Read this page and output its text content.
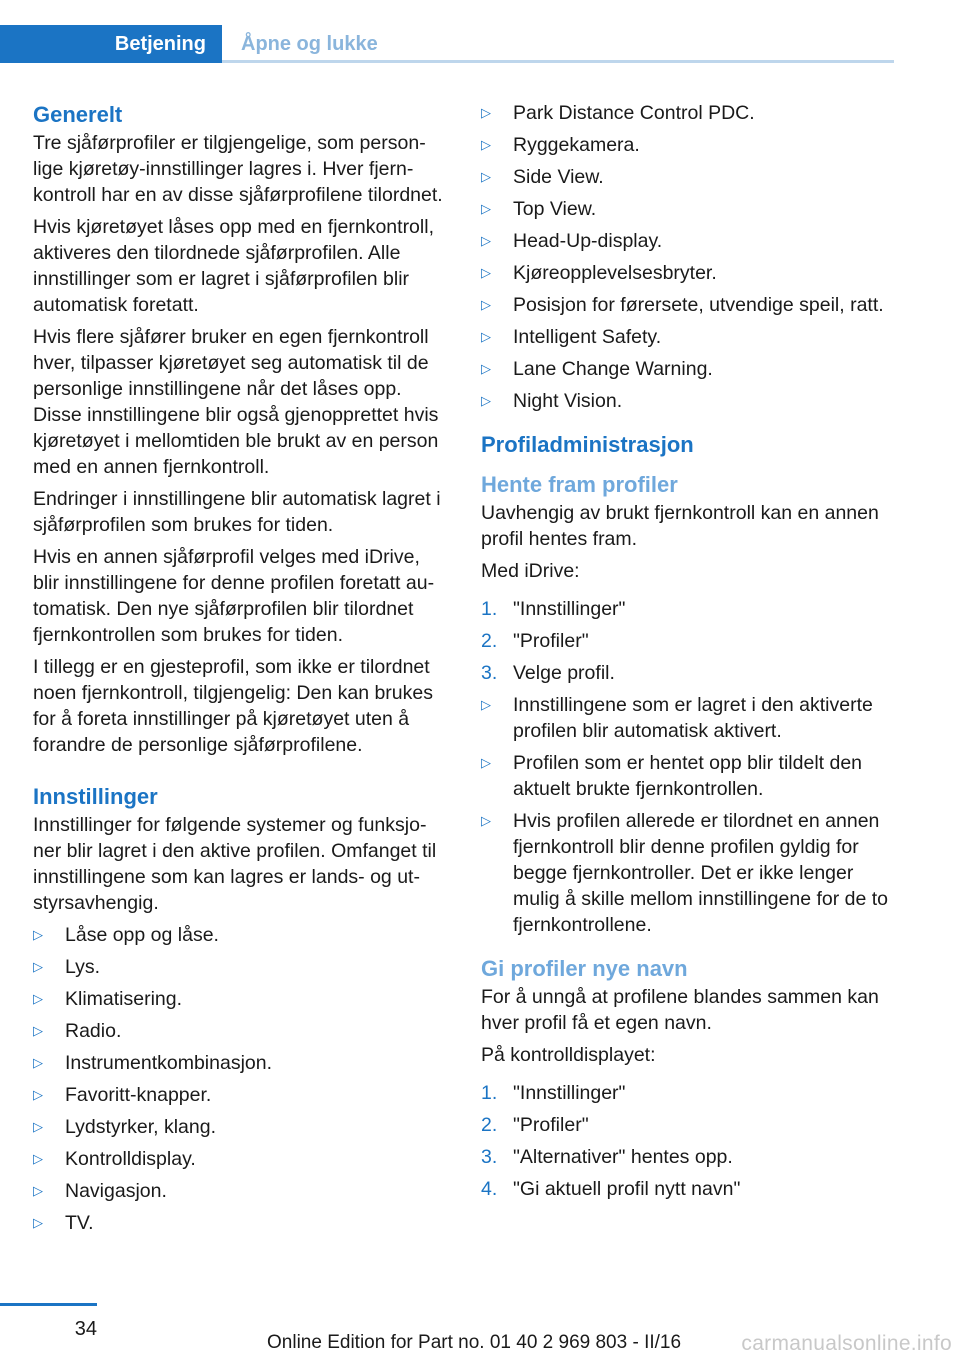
Betjening Åpne og lukke
Generelt

Tre sjåførprofiler er tilgjengelige, som personlige kjøretøy-innstillinger lagres i. Hver fjernkontroll har en av disse sjåførprofilene tilordnet.

Hvis kjøretøyet låses opp med en fjernkontroll, aktiveres den tilordnede sjåførprofilen. Alle innstillinger som er lagret i sjåførprofilen blir automatisk foretatt.

Hvis flere sjåfører bruker en egen fjernkontroll hver, tilpasser kjøretøyet seg automatisk til de personlige innstillingene når det låses opp. Disse innstillingene blir også gjenopprettet hvis kjøretøyet i mellomtiden ble brukt av en person med en annen fjernkontroll.

Endringer i innstillingene blir automatisk lagret i sjåførprofilen som brukes for tiden.

Hvis en annen sjåførprofil velges med iDrive, blir innstillingene for denne profilen foretatt automatisk. Den nye sjåførprofilen blir tilordnet fjernkontrollen som brukes for tiden.

I tillegg er en gjesteprofil, som ikke er tilordnet noen fjernkontroll, tilgjengelig: Den kan brukes for å foreta innstillinger på kjøretøyet uten å forandre de personlige sjåførprofilene.

Innstillinger

Innstillinger for følgende systemer og funksjoner blir lagret i den aktive profilen. Omfanget til innstillingene som kan lagres er lands- og utstyrsavhengig.

▷ Låse opp og låse.
▷ Lys.
▷ Klimatisering.
▷ Radio.
▷ Instrumentkombinasjon.
▷ Favoritt-knapper.
▷ Lydstyrker, klang.
▷ Kontrolldisplay.
▷ Navigasjon.
▷ TV.
▷ Park Distance Control PDC.
▷ Ryggekamera.
▷ Side View.
▷ Top View.
▷ Head-Up-display.
▷ Kjøreopplevelsesbryter.
▷ Posisjon for førersete, utvendige speil, ratt.
▷ Intelligent Safety.
▷ Lane Change Warning.
▷ Night Vision.
Profiladministrasjon
Hente fram profiler

Uavhengig av brukt fjernkontroll kan en annen profil hentes fram.

Med iDrive:

1. "Innstillinger"
2. "Profiler"
3. Velge profil.
▷ Innstillingene som er lagret i den aktiverte profilen blir automatisk aktivert.
▷ Profilen som er hentet opp blir tildelt den aktuelt brukte fjernkontrollen.
▷ Hvis profilen allerede er tilordnet en annen fjernkontroll blir denne profilen gyldig for begge fjernkontroller. Det er ikke lenger mulig å skille mellom innstillingene for de to fjernkontrollene.
Gi profiler nye navn

For å unngå at profilene blandes sammen kan hver profil få et egen navn.

På kontrolldisplayet:

1. "Innstillinger"
2. "Profiler"
3. "Alternativer" hentes opp.
4. "Gi aktuell profil nytt navn"
34
Online Edition for Part no. 01 40 2 969 803 - II/16	carmanualsonline.info
